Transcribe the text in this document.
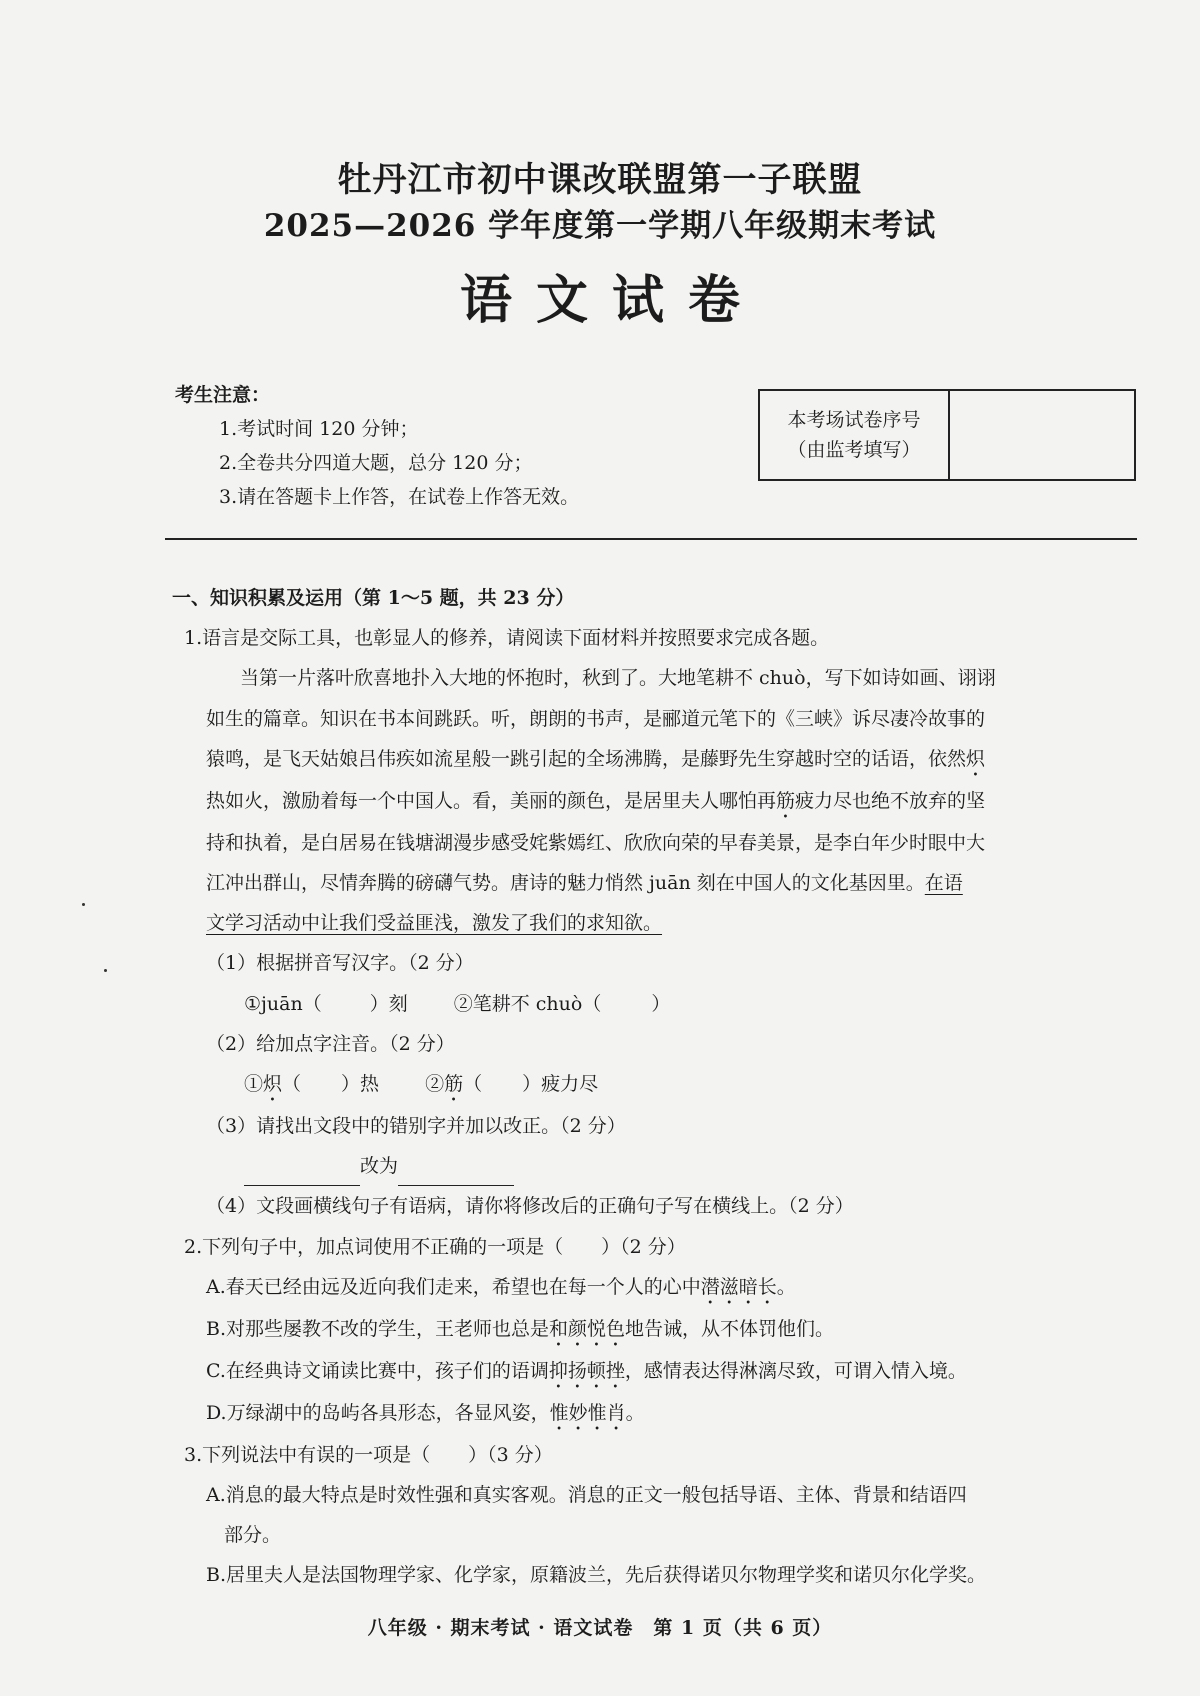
牡丹江市初中课改联盟第一子联盟
2025—2026 学年度第一学期八年级期末考试
语文试卷
考生注意：
1.考试时间 120 分钟；
2.全卷共分四道大题，总分 120 分；
3.请在答题卡上作答，在试卷上作答无效。
本考场试卷序号
（由监考填写）
一、知识积累及运用（第 1～5 题，共 23 分）
1.语言是交际工具，也彰显人的修养，请阅读下面材料并按照要求完成各题。
当第一片落叶欣喜地扑入大地的怀抱时，秋到了。大地笔耕不 chuò，写下如诗如画、诩诩
如生的篇章。知识在书本间跳跃。听，朗朗的书声，是郦道元笔下的《三峡》诉尽凄冷故事的
猿鸣，是飞天姑娘吕伟疾如流星般一跳引起的全场沸腾，是藤野先生穿越时空的话语，依然炽
热如火，激励着每一个中国人。看，美丽的颜色，是居里夫人哪怕再筋疲力尽也绝不放弃的坚
持和执着，是白居易在钱塘湖漫步感受姹紫嫣红、欣欣向荣的早春美景，是李白年少时眼中大
江冲出群山，尽情奔腾的磅礴气势。唐诗的魅力悄然 juān 刻在中国人的文化基因里。在语
文学习活动中让我们受益匪浅，激发了我们的求知欲。
（1）根据拼音写汉字。（2 分）
①juān（	）刻 ②笔耕不 chuò（	）
（2）给加点字注音。（2 分）
①炽（ ）热 ②筋（ ）疲力尽
（3）请找出文段中的错别字并加以改正。（2 分）
改为
（4）文段画横线句子有语病，请你将修改后的正确句子写在横线上。（2 分）
2.下列句子中，加点词使用不正确的一项是（　　）（2 分）
A.春天已经由远及近向我们走来，希望也在每一个人的心中潜滋暗长。
B.对那些屡教不改的学生，王老师也总是和颜悦色地告诫，从不体罚他们。
C.在经典诗文诵读比赛中，孩子们的语调抑扬顿挫，感情表达得淋漓尽致，可谓入情入境。
D.万绿湖中的岛屿各具形态，各显风姿，惟妙惟肖。
3.下列说法中有误的一项是（　　）（3 分）
A.消息的最大特点是时效性强和真实客观。消息的正文一般包括导语、主体、背景和结语四
部分。
B.居里夫人是法国物理学家、化学家，原籍波兰，先后获得诺贝尔物理学奖和诺贝尔化学奖。
八年级 · 期末考试 · 语文试卷　第 1 页（共 6 页）
